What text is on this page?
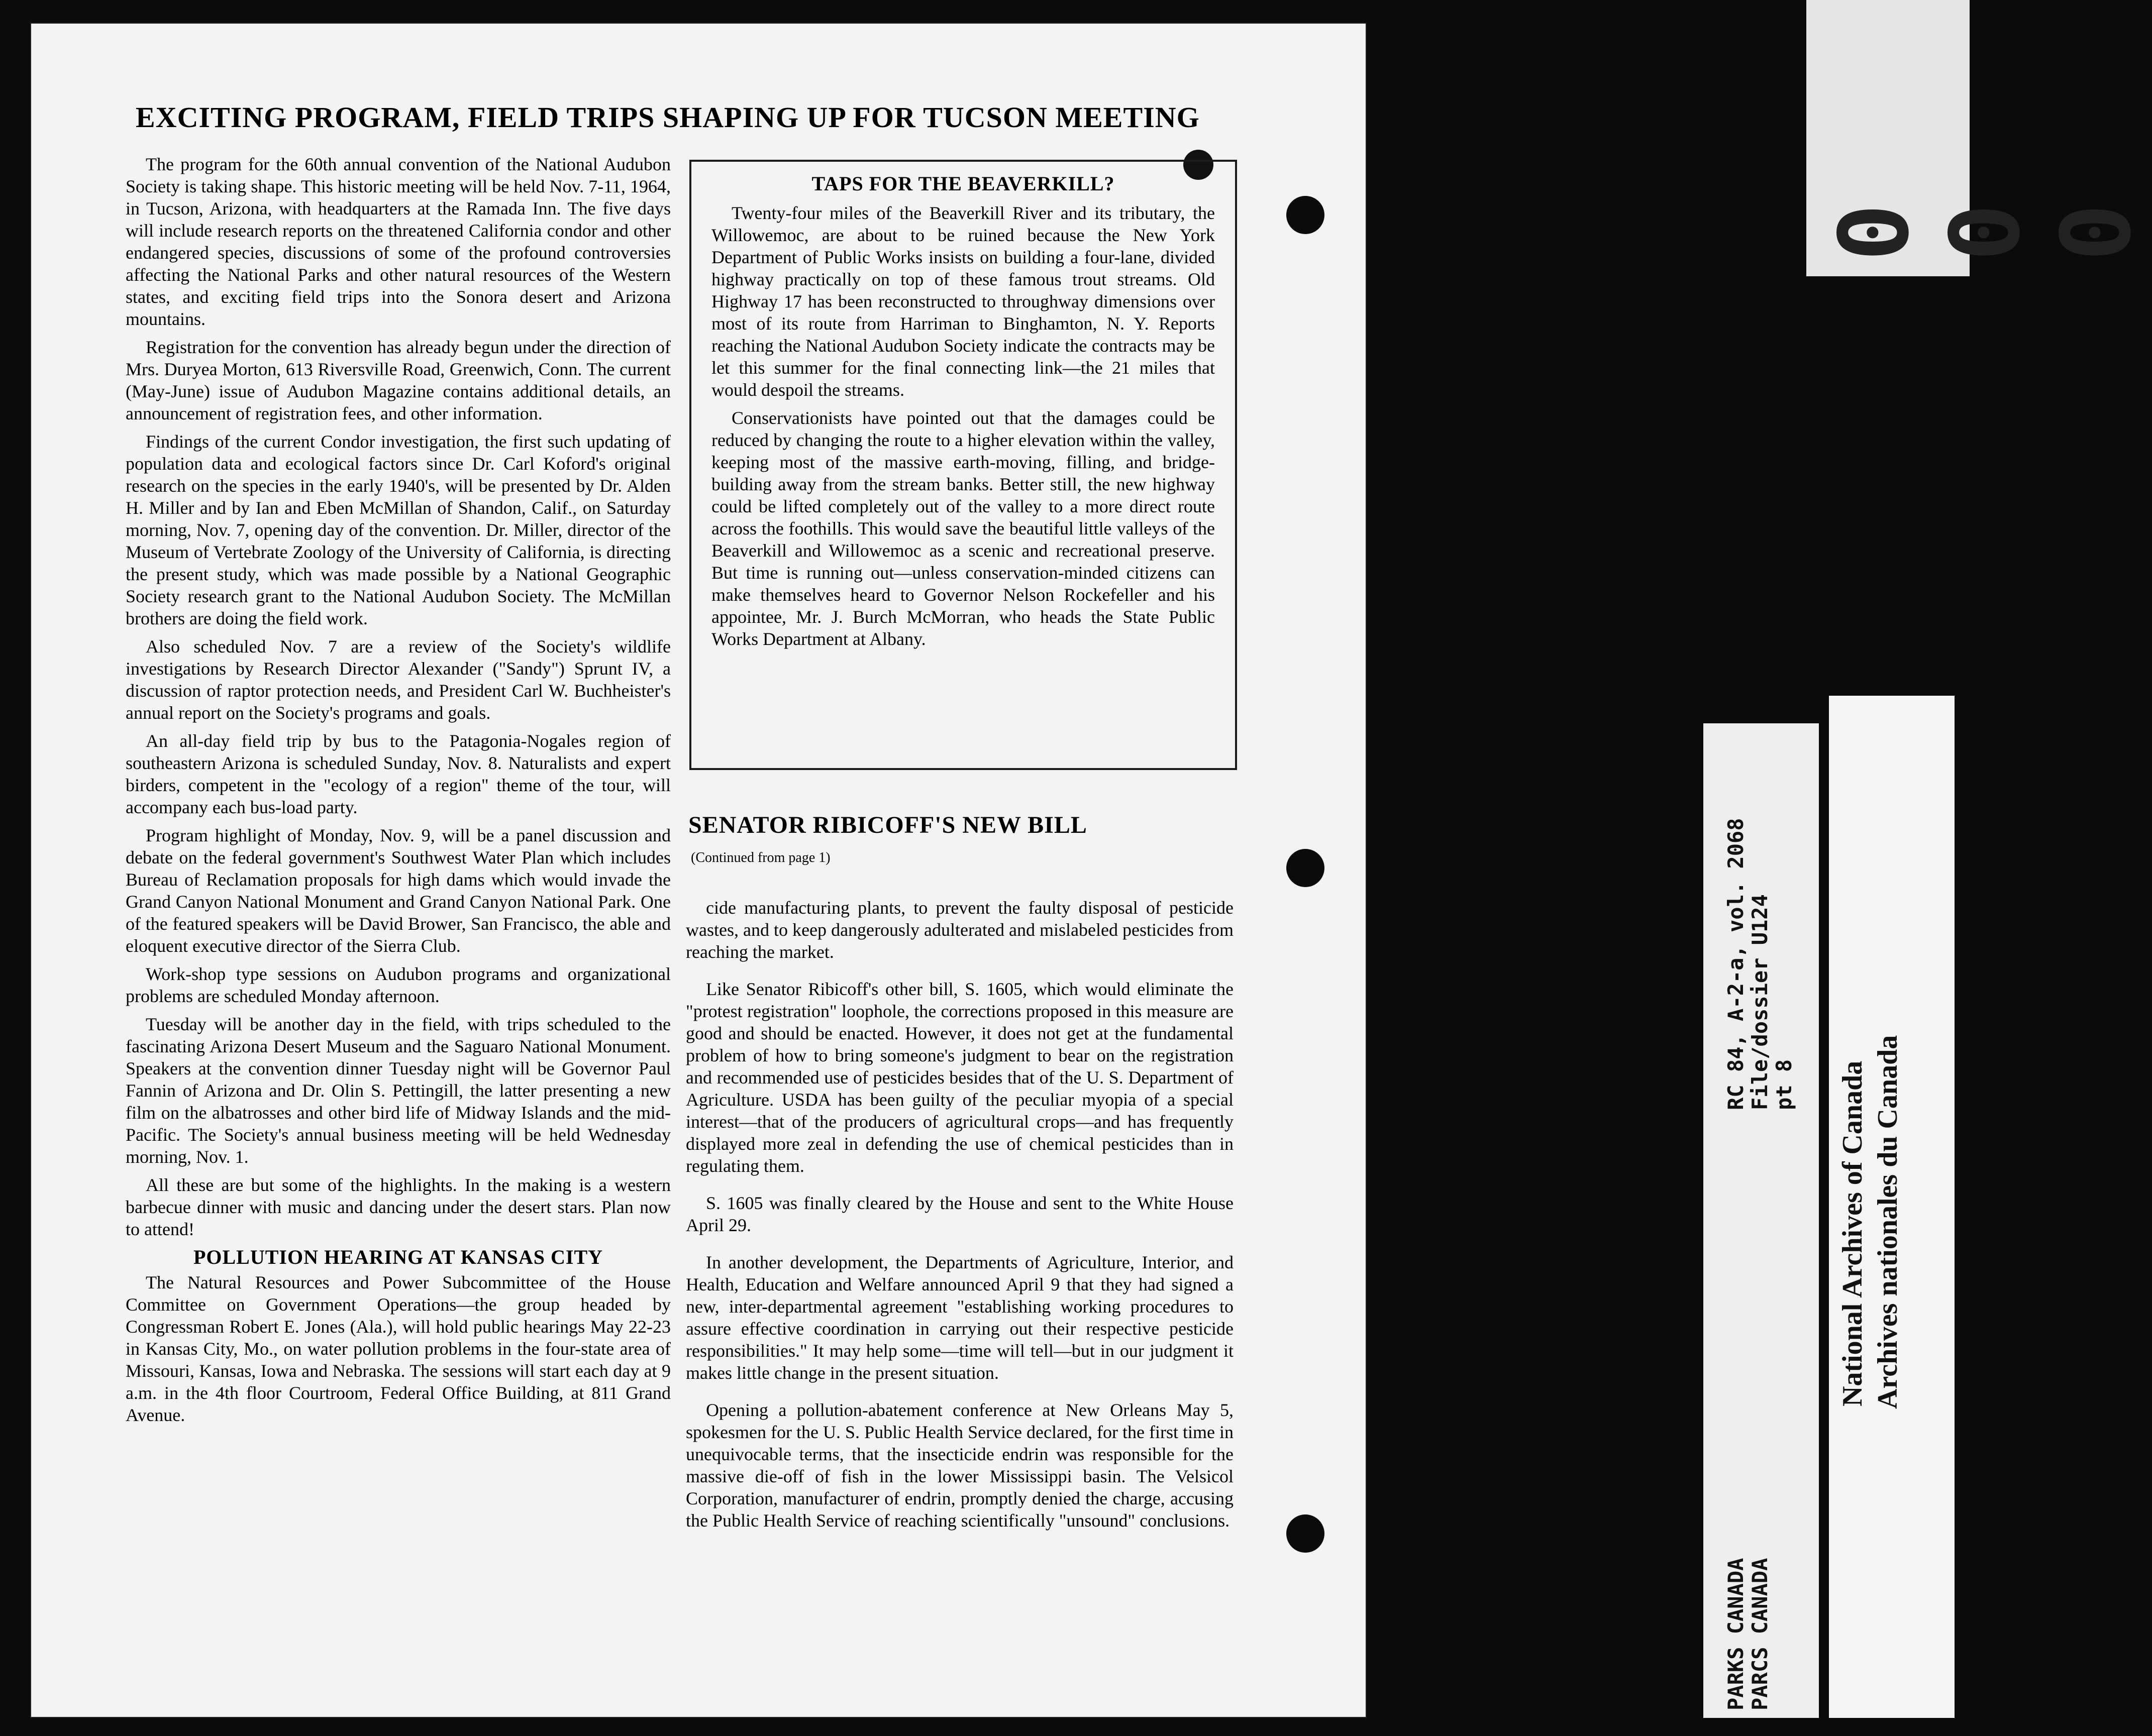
EXCITING PROGRAM, FIELD TRIPS SHAPING UP FOR TUCSON MEETING

The program for the 60th annual convention of the National Audubon Society is taking shape. This historic meeting will be held Nov. 7-11, 1964, in Tucson, Arizona, with headquarters at the Ramada Inn. The five days will include research reports on the threatened California condor and other endangered species, discussions of some of the profound controversies affecting the National Parks and other natural resources of the Western states, and exciting field trips into the Sonora desert and Arizona mountains.

Registration for the convention has already begun under the direction of Mrs. Duryea Morton, 613 Riversville Road, Greenwich, Conn. The current (May-June) issue of Audubon Magazine contains additional details, an announcement of registration fees, and other information.

Findings of the current Condor investigation, the first such updating of population data and ecological factors since Dr. Carl Koford's original research on the species in the early 1940's, will be presented by Dr. Alden H. Miller and by Ian and Eben McMillan of Shandon, Calif., on Saturday morning, Nov. 7, opening day of the convention. Dr. Miller, director of the Museum of Vertebrate Zoology of the University of California, is directing the present study, which was made possible by a National Geographic Society research grant to the National Audubon Society. The McMillan brothers are doing the field work.

Also scheduled Nov. 7 are a review of the Society's wildlife investigations by Research Director Alexander ("Sandy") Sprunt IV, a discussion of raptor protection needs, and President Carl W. Buchheister's annual report on the Society's programs and goals.

An all-day field trip by bus to the Patagonia-Nogales region of southeastern Arizona is scheduled Sunday, Nov. 8. Naturalists and expert birders, competent in the "ecology of a region" theme of the tour, will accompany each bus-load party.

Program highlight of Monday, Nov. 9, will be a panel discussion and debate on the federal government's Southwest Water Plan which includes Bureau of Reclamation proposals for high dams which would invade the Grand Canyon National Monument and Grand Canyon National Park. One of the featured speakers will be David Brower, San Francisco, the able and eloquent executive director of the Sierra Club.

Work-shop type sessions on Audubon programs and organizational problems are scheduled Monday afternoon.

Tuesday will be another day in the field, with trips scheduled to the fascinating Arizona Desert Museum and the Saguaro National Monument. Speakers at the convention dinner Tuesday night will be Governor Paul Fannin of Arizona and Dr. Olin S. Pettingill, the latter presenting a new film on the albatrosses and other bird life of Midway Islands and the mid-Pacific. The Society's annual business meeting will be held Wednesday morning, Nov. 1.

All these are but some of the highlights. In the making is a western barbecue dinner with music and dancing under the desert stars. Plan now to attend!

POLLUTION HEARING AT KANSAS CITY

The Natural Resources and Power Subcommittee of the House Committee on Government Operations—the group headed by Congressman Robert E. Jones (Ala.), will hold public hearings May 22-23 in Kansas City, Mo., on water pollution problems in the four-state area of Missouri, Kansas, Iowa and Nebraska. The sessions will start each day at 9 a.m. in the 4th floor Courtroom, Federal Office Building, at 811 Grand Avenue.

TAPS FOR THE BEAVERKILL?

Twenty-four miles of the Beaverkill River and its tributary, the Willowemoc, are about to be ruined because the New York Department of Public Works insists on building a four-lane, divided highway practically on top of these famous trout streams. Old Highway 17 has been reconstructed to throughway dimensions over most of its route from Harriman to Binghamton, N. Y. Reports reaching the National Audubon Society indicate the contracts may be let this summer for the final connecting link—the 21 miles that would despoil the streams.

Conservationists have pointed out that the damages could be reduced by changing the route to a higher elevation within the valley, keeping most of the massive earth-moving, filling, and bridge-building away from the stream banks. Better still, the new highway could be lifted completely out of the valley to a more direct route across the foothills. This would save the beautiful little valleys of the Beaverkill and Willowemoc as a scenic and recreational preserve. But time is running out—unless conservation-minded citizens can make themselves heard to Governor Nelson Rockefeller and his appointee, Mr. J. Burch McMorran, who heads the State Public Works Department at Albany.

SENATOR RIBICOFF'S NEW BILL
(Continued from page 1)

cide manufacturing plants, to prevent the faulty disposal of pesticide wastes, and to keep dangerously adulterated and mislabeled pesticides from reaching the market.

Like Senator Ribicoff's other bill, S. 1605, which would eliminate the "protest registration" loophole, the corrections proposed in this measure are good and should be enacted. However, it does not get at the fundamental problem of how to bring someone's judgment to bear on the registration and recommended use of pesticides besides that of the U. S. Department of Agriculture. USDA has been guilty of the peculiar myopia of a special interest—that of the producers of agricultural crops—and has frequently displayed more zeal in defending the use of chemical pesticides than in regulating them.

S. 1605 was finally cleared by the House and sent to the White House April 29.

In another development, the Departments of Agriculture, Interior, and Health, Education and Welfare announced April 9 that they had signed a new, inter-departmental agreement "establishing working procedures to assure effective coordination in carrying out their respective pesticide responsibilities." It may help some—time will tell—but in our judgment it makes little change in the present situation.

Opening a pollution-abatement conference at New Orleans May 5, spokesmen for the U. S. Public Health Service declared, for the first time in unequivocable terms, that the insecticide endrin was responsible for the massive die-off of fish in the lower Mississippi basin. The Velsicol Corporation, manufacturer of endrin, promptly denied the charge, accusing the Public Health Service of reaching scientifically "unsound" conclusions.

0 0 0
RC 84, A-2-a, vol. 2068 File/dossier U124 pt 8
PARKS CANADA PARCS CANADA
National Archives of Canada Archives nationales du Canada
